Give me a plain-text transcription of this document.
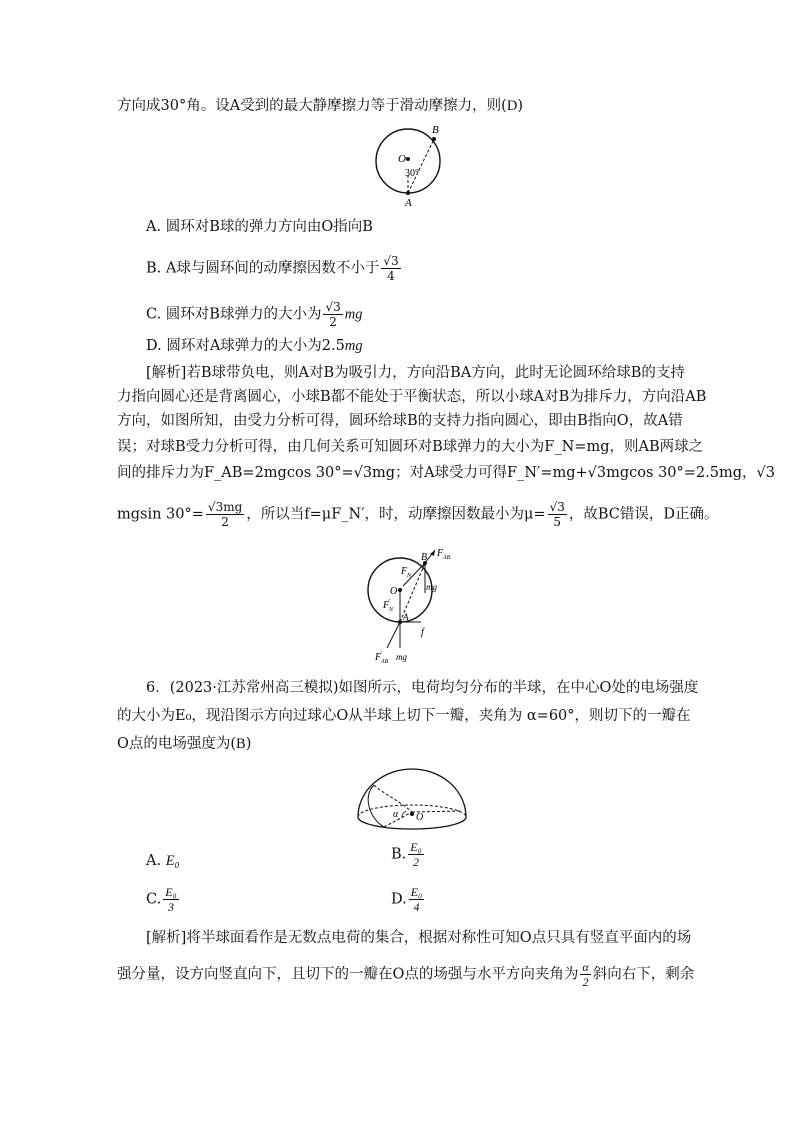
方向成30°角。设A受到的最大静摩擦力等于滑动摩擦力，则(D)
O
B
A
30°
A. 圆环对B球的弹力方向由O指向B
B. A球与圆环间的动摩擦因数不小于 $\frac{√3}{4}$
C. 圆环对B球弹力的大小为 $\frac{√3}{2}$ mg
D. 圆环对A球弹力的大小为2.5mg
[解析]若B球带负电，则A对B为吸引力，方向沿BA方向，此时无论圆环给球B的支持
力指向圆心还是背离圆心，小球B都不能处于平衡状态，所以小球A对B为排斥力，方向沿AB
方向，如图所知，由受力分析可得，圆环给球B的支持力指向圆心，即由B指向O，故A错
误；对球B受力分析可得，由几何关系可知圆环对B球弹力的大小为F_N=mg，则AB两球之
间的排斥力为F_AB=2mgcos 30°=√3mg；对A球受力可得F_N′=mg+√3mgcos 30°=2.5mg，√3
mgsin $30^\circ= \frac{√3mg}{2}$ ，所以当f=μF_N′，时，动摩擦因数最小为$\mu= \frac{√3}{5}$ ，故BC错误，D正确。
B F AB
F N
O
F N
′
mg
A
f
F AB
′ mg
6．(2023·江苏常州高三模拟)如图所示，电荷均匀分布的半球，在中心O处的电场强度
的大小为E₀，现沿图示方向过球心O从半球上切下一瓣，夹角为 α=60°，则切下的一瓣在
O点的电场强度为(B)
α O
A. E₀	B. $\frac{\text{E₀}}{2}$
C. $\frac{\text{E₀}}{3}$	D. $\frac{\text{E₀}}{4}$
[解析]将半球面看作是无数点电荷的集合，根据对称性可知O点只具有竖直平面内的场
强分量，设方向竖直向下，且切下的一瓣在O点的场强与水平方向夹角为 $\frac{\alpha}{2}$ 斜向右下，剩余
